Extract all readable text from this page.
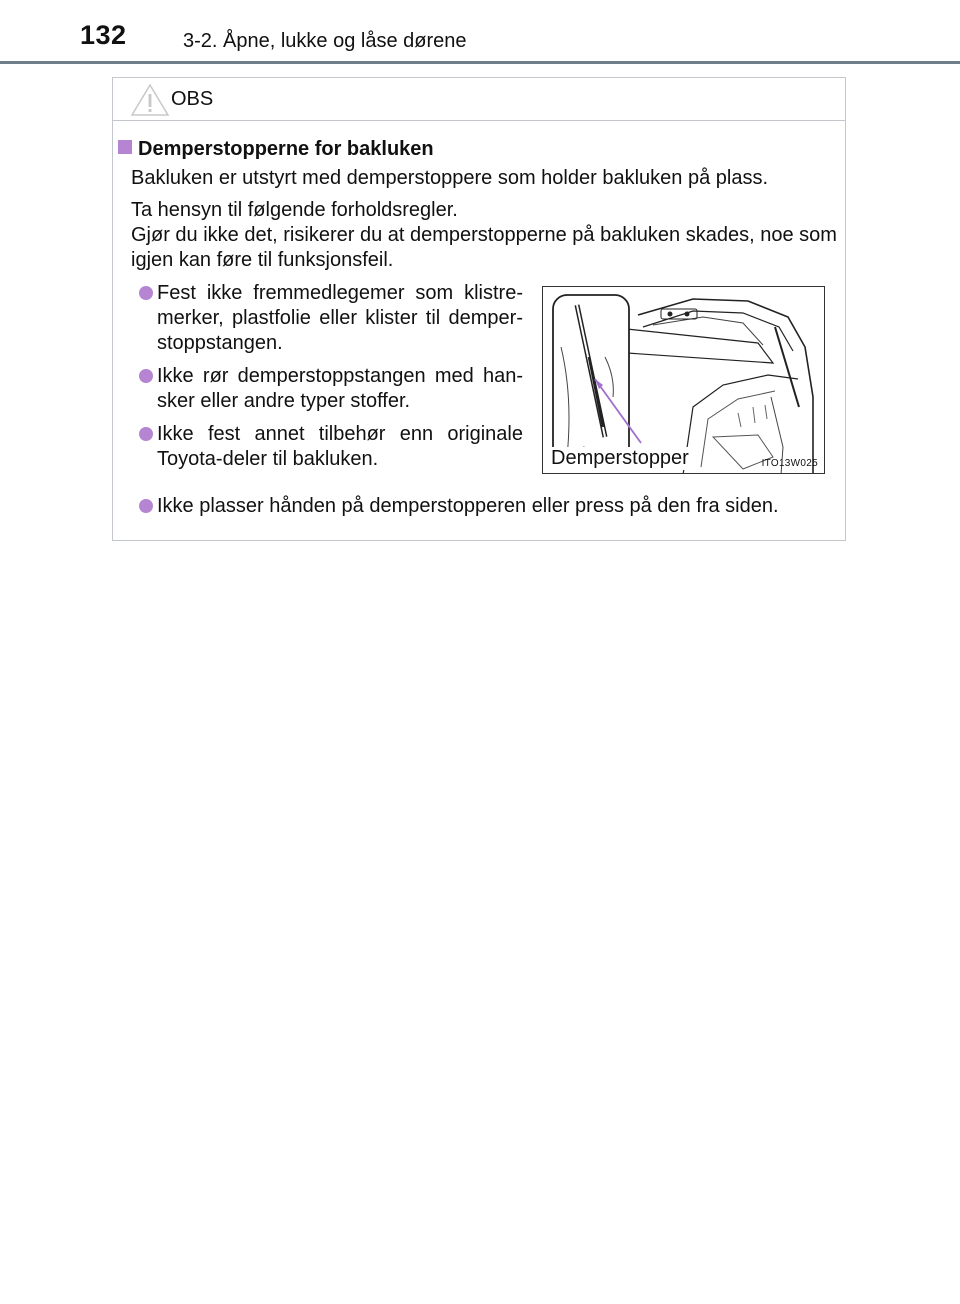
132	3-2. Åpne, lukke og låse dørene
OBS
Demperstopperne for bakluken
Bakluken er utstyrt med demperstoppere som holder bakluken på plass.
Ta hensyn til følgende forholdsregler.
Gjør du ikke det, risikerer du at demperstopperne på bakluken skades, noe som igjen kan føre til funksjonsfeil.
Fest ikke fremmedlegemer som klistre-merker, plastfolie eller klister til demper-stoppstangen.
Ikke rør demperstoppstangen med han-sker eller andre typer stoffer.
Ikke fest annet tilbehør enn originale Toyota-deler til bakluken.	Demperstopper	ITO13W025
Ikke plasser hånden på demperstopperen eller press på den fra siden.
